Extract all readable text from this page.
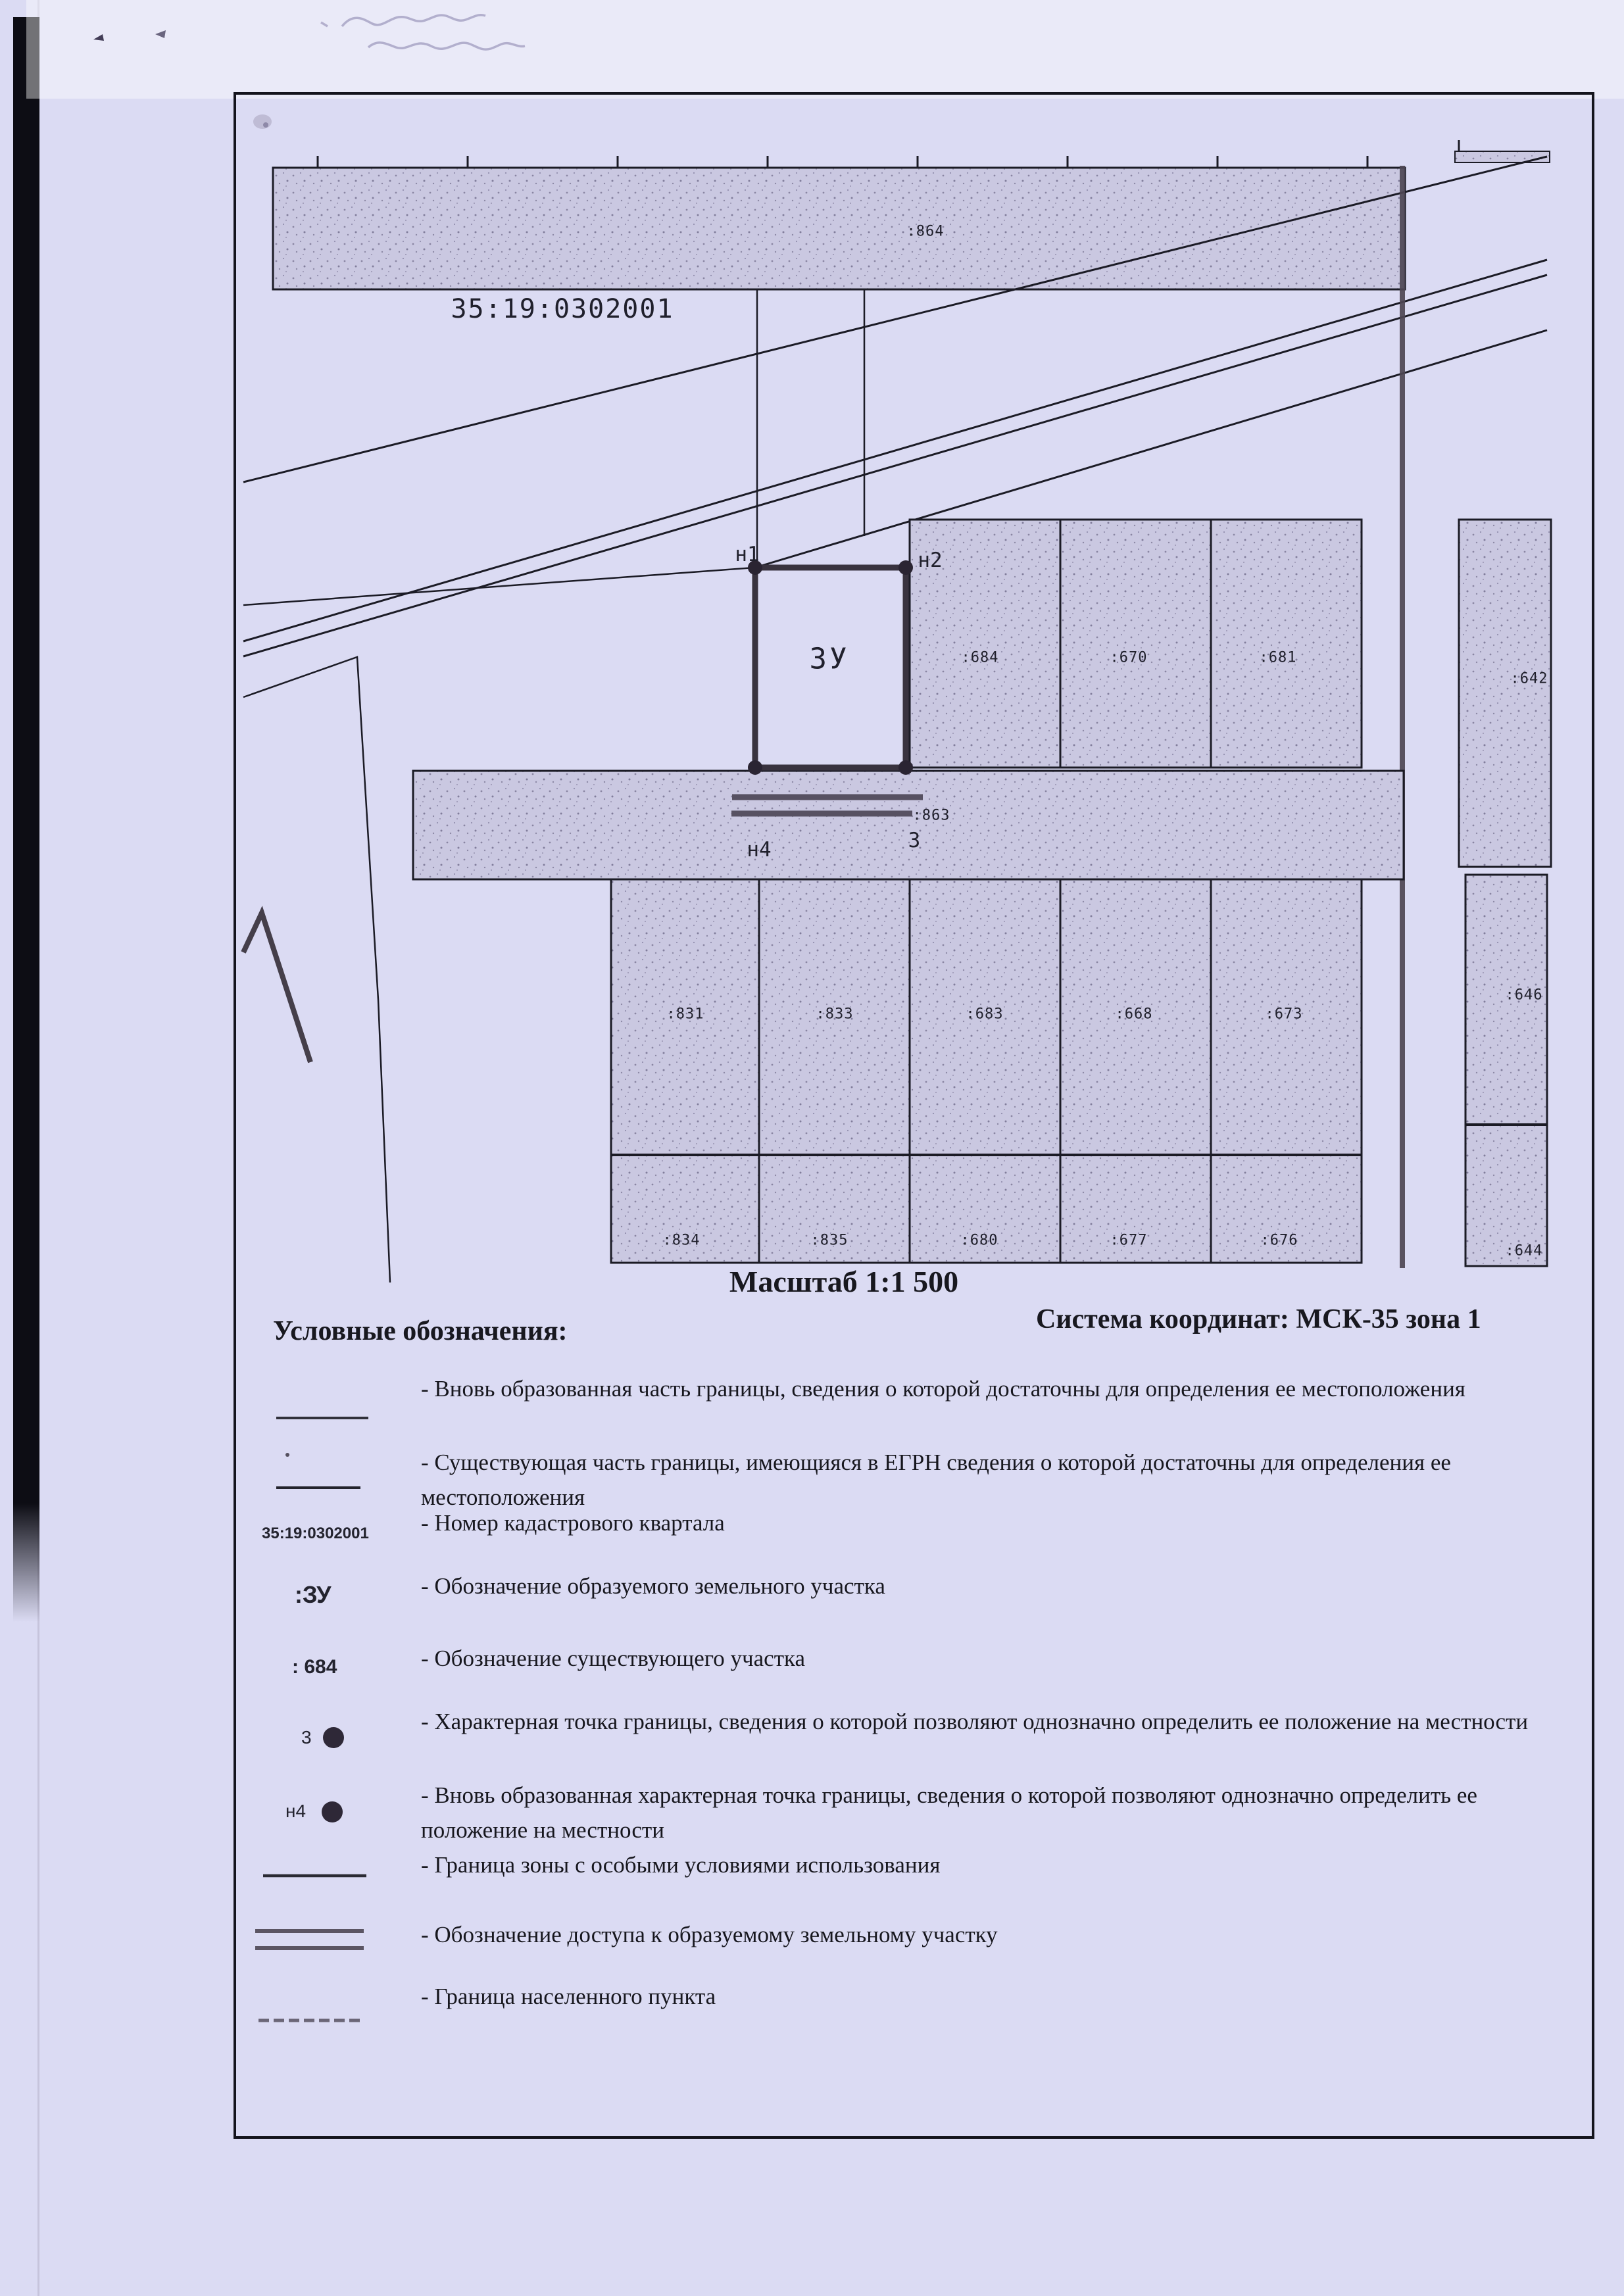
35:19:0302001
ЗУ
н1	н2
н4	3
:864
:863
:684	:670	:681
:642
:831	:833	:683	:668	:673
:646
:834	:835	:680	:677	:676
:644
Масштаб 1:1 500
Система координат: МСК-35 зона 1
Условные обозначения:
- Вновь образованная часть границы, сведения о которой достаточны для определения ее местоположения
- Существующая часть границы, имеющияся в ЕГРН сведения о которой достаточны для определения ее местоположения
- Номер кадастрового квартала
35:19:0302001
- Обозначение образуемого земельного участка
:ЗУ
- Обозначение существующего участка
: 684
- Характерная точка границы, сведения о которой позволяют однозначно определить ее положение на местности
3
- Вновь образованная характерная точка границы, сведения о которой позволяют однозначно определить ее положение на местности
н4
- Граница зоны с особыми условиями использования
- Обозначение доступа к образуемому земельному участку
- Граница населенного пункта
